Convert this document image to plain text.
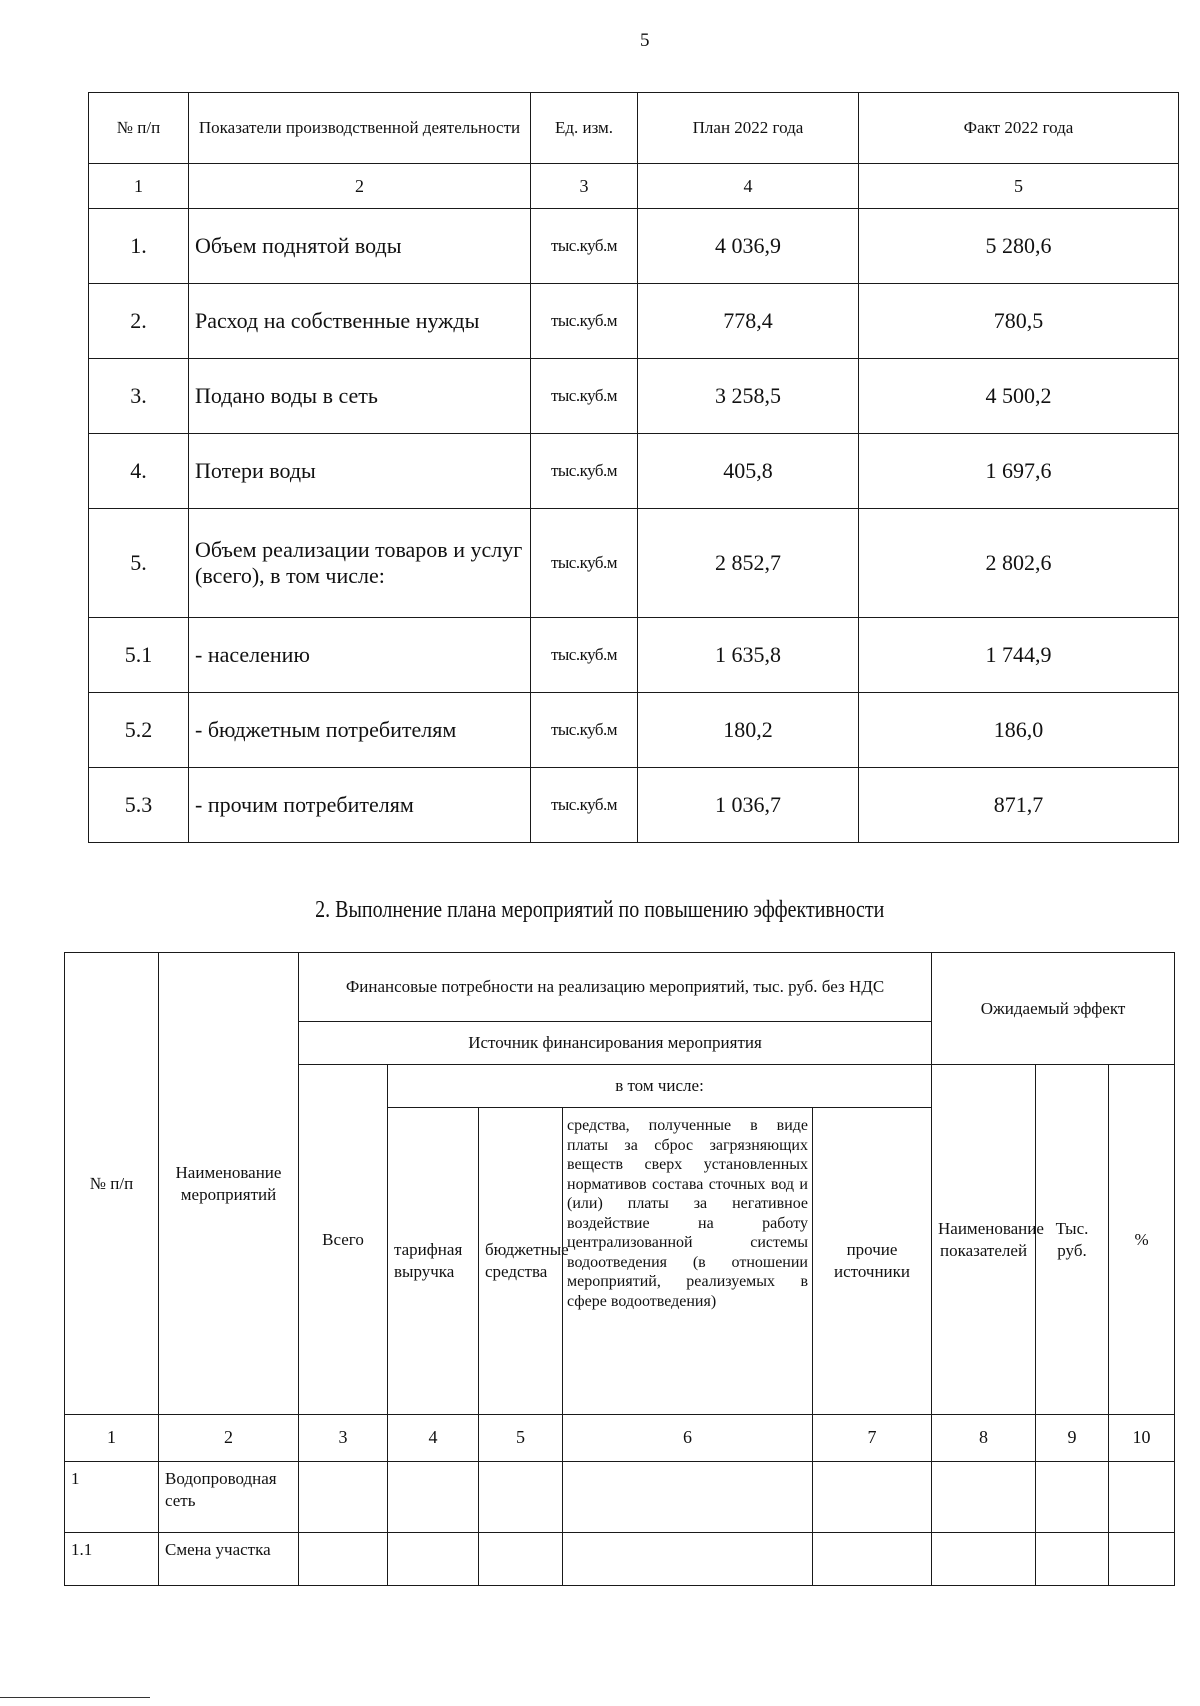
5
№ п/п	Показатели производственной деятельности	Ед. изм.	План 2022 года	Факт 2022 года
1	2	3	4	5
1.	Объем поднятой воды	тыс.куб.м	4 036,9	5 280,6
2.	Расход на собственные нужды	тыс.куб.м	778,4	780,5
3.	Подано воды в сеть	тыс.куб.м	3 258,5	4 500,2
4.	Потери воды	тыс.куб.м	405,8	1 697,6
5.	Объем реализации товаров и услуг (всего), в том числе:	тыс.куб.м	2 852,7	2 802,6
5.1	- населению	тыс.куб.м	1 635,8	1 744,9
5.2	- бюджетным потребителям	тыс.куб.м	180,2	186,0
5.3	- прочим потребителям	тыс.куб.м	1 036,7	871,7
2. Выполнение плана мероприятий по повышению эффективности
№ п/п	Наименование мероприятий	Финансовые потребности на реализацию мероприятий, тыс. руб. без НДС					Ожидаемый эффект		
		Источник финансирования мероприятия							
		Всего	в том числе:				Наименование показателей	Тыс. руб.	%
			тарифная выручка	бюджетные средства	средства, полученные в виде платы за сброс загрязняющих веществ сверх установленных нормативов состава сточных вод и (или) платы за негативное воздействие на работу централизованной системы водоотведения (в отношении мероприятий, реализуемых в сфере водоотведения)	прочие источники			
1	2	3	4	5	6	7	8	9	10
1	Водопроводная сеть								
1.1	Смена участка								
